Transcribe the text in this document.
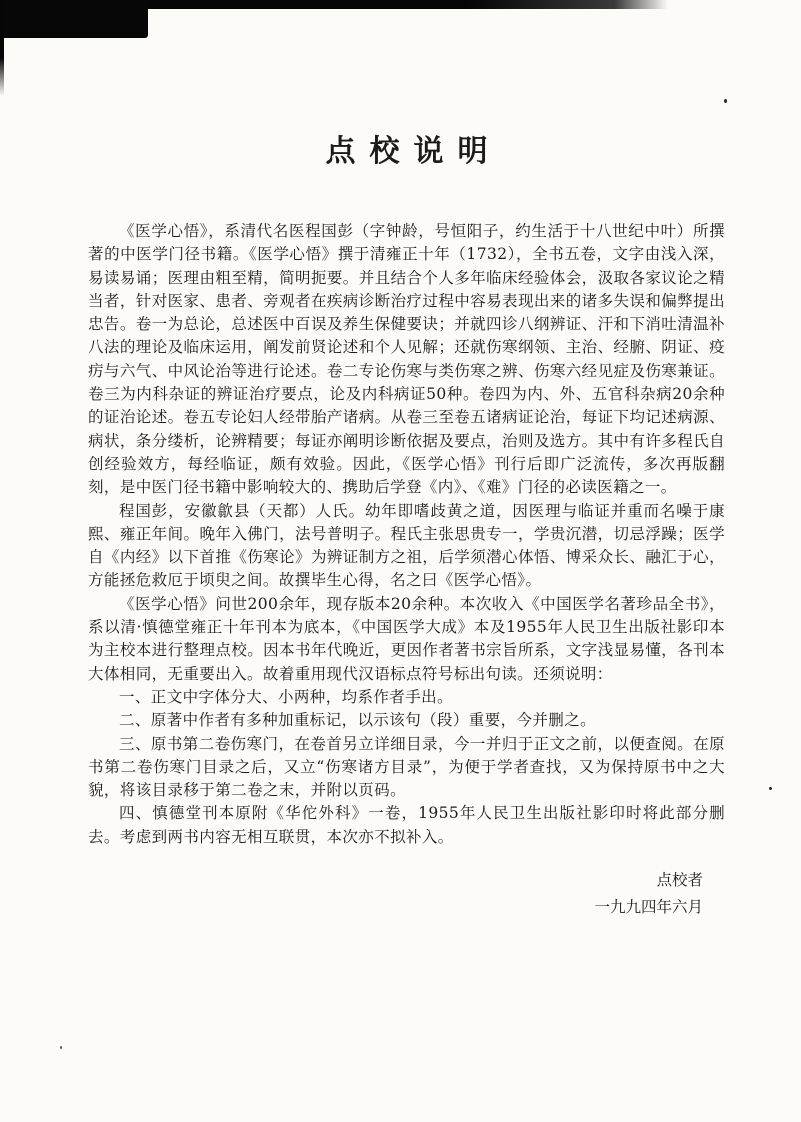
点校说明

《医学心悟》，系清代名医程国彭（字钟龄，号恒阳子，约生活于十八世纪中叶）所撰著的中医学门径书籍。《医学心悟》撰于清雍正十年（1732），全书五卷，文字由浅入深，易读易诵；医理由粗至精，简明扼要。并且结合个人多年临床经验体会，汲取各家议论之精当者，针对医家、患者、旁观者在疾病诊断治疗过程中容易表现出来的诸多失误和偏弊提出忠告。卷一为总论，总述医中百误及养生保健要诀；并就四诊八纲辨证、汗和下消吐清温补八法的理论及临床运用，阐发前贤论述和个人见解；还就伤寒纲领、主治、经腑、阴证、疫疠与六气、中风论治等进行论述。卷二专论伤寒与类伤寒之辨、伤寒六经见症及伤寒兼证。卷三为内科杂证的辨证治疗要点，论及内科病证50种。卷四为内、外、五官科杂病20余种的证治论述。卷五专论妇人经带胎产诸病。从卷三至卷五诸病证论治，每证下均记述病源、病状，条分缕析，论辨精要；每证亦阐明诊断依据及要点，治则及选方。其中有许多程氏自创经验效方，每经临证，颇有效验。因此，《医学心悟》刊行后即广泛流传，多次再版翻刻，是中医门径书籍中影响较大的、携助后学登《内》、《难》门径的必读医籍之一。

程国彭，安徽歙县（天都）人氏。幼年即嗜歧黄之道，因医理与临证并重而名噪于康熙、雍正年间。晚年入佛门，法号普明子。程氏主张思贵专一，学贵沉潜，切忌浮躁；医学自《内经》以下首推《伤寒论》为辨证制方之祖，后学须潜心体悟、博采众长、融汇于心，方能拯危救厄于顷臾之间。故撰毕生心得，名之曰《医学心悟》。

《医学心悟》问世200余年，现存版本20余种。本次收入《中国医学名著珍品全书》，系以清·慎德堂雍正十年刊本为底本，《中国医学大成》本及1955年人民卫生出版社影印本为主校本进行整理点校。因本书年代晚近，更因作者著书宗旨所系，文字浅显易懂，各刊本大体相同，无重要出入。故着重用现代汉语标点符号标出句读。还须说明：

一、正文中字体分大、小两种，均系作者手出。

二、原著中作者有多种加重标记，以示该句（段）重要，今并删之。

三、原书第二卷伤寒门，在卷首另立详细目录，今一并归于正文之前，以便查阅。在原书第二卷伤寒门目录之后，又立“伤寒诸方目录”，为便于学者查找，又为保持原书中之大貌，将该目录移于第二卷之末，并附以页码。

四、慎德堂刊本原附《华佗外科》一卷，1955年人民卫生出版社影印时将此部分删去。考虑到两书内容无相互联贯，本次亦不拟补入。

点校者
一九九四年六月
